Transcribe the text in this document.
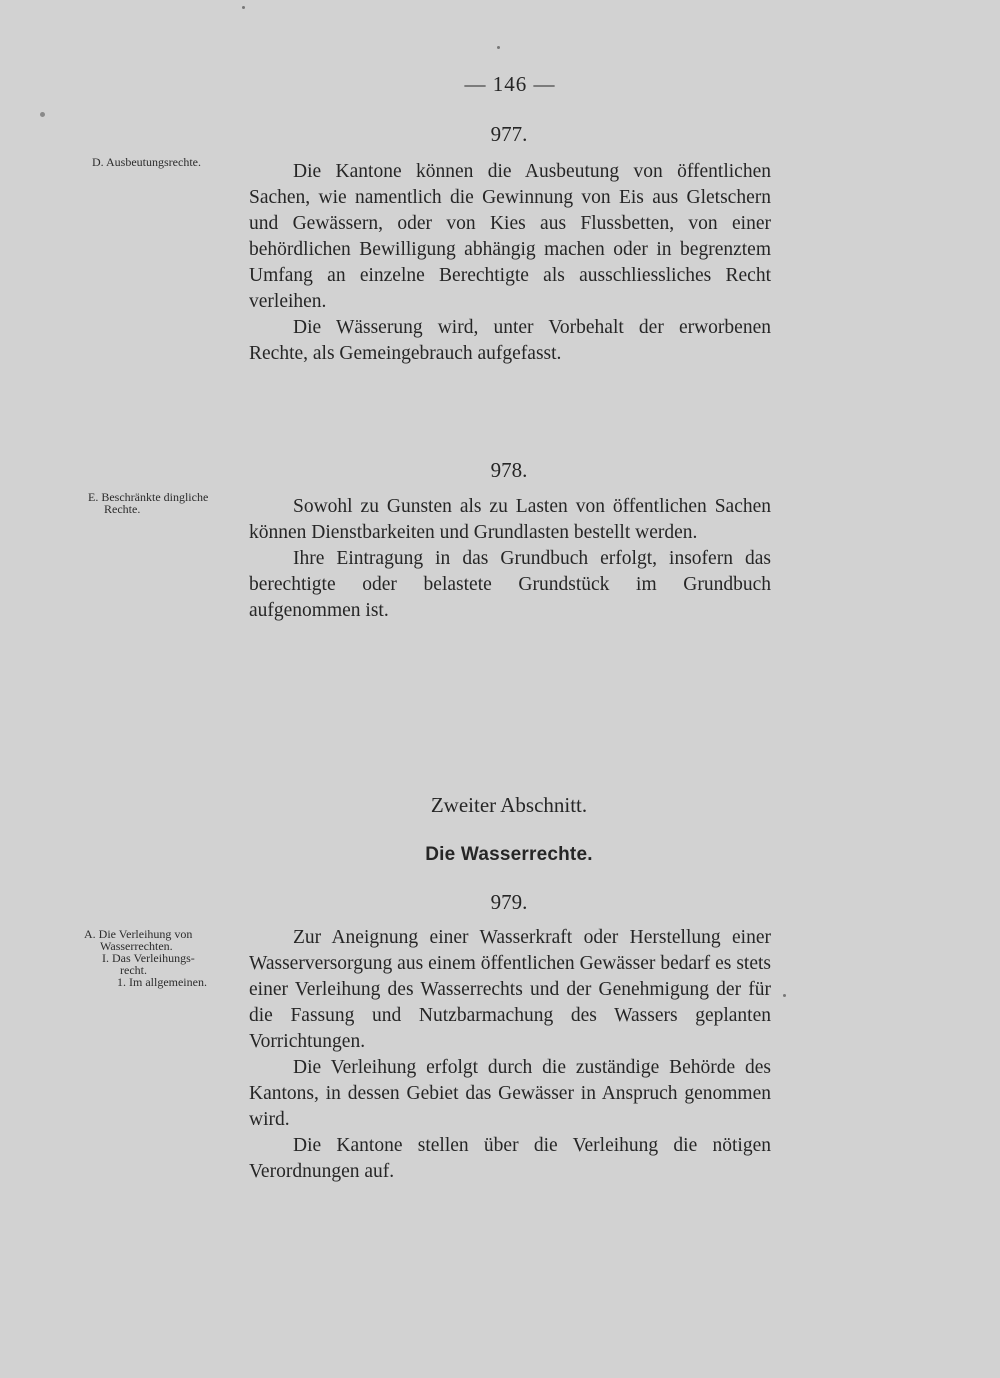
— 146 —
977.
D. Ausbeutungsrechte.	Die Kantone können die Ausbeutung von öffentlichen Sachen, wie namentlich die Gewinnung von Eis aus Gletschern und Gewässern, oder von Kies aus Flussbetten, von einer behördlichen Bewilligung abhängig machen oder in begrenztem Umfang an einzelne Berechtigte als ausschliessliches Recht verleihen.

Die Wässerung wird, unter Vorbehalt der erworbenen Rechte, als Gemeingebrauch aufgefasst.

978.
E. Beschränkte dingliche
Rechte.	Sowohl zu Gunsten als zu Lasten von öffentlichen Sachen können Dienstbarkeiten und Grundlasten bestellt werden.

Ihre Eintragung in das Grundbuch erfolgt, insofern das berechtigte oder belastete Grundstück im Grundbuch aufgenommen ist.

Zweiter Abschnitt.
Die Wasserrechte.
979.
A. Die Verleihung von
Wasserrechten.
I. Das Verleihungs-
recht.
1. Im allgemeinen.

Zur Aneignung einer Wasserkraft oder Herstellung einer Wasserversorgung aus einem öffentlichen Gewässer bedarf es stets einer Verleihung des Wasserrechts und der Genehmigung der für die Fassung und Nutzbarmachung des Wassers geplanten Vorrichtungen.

Die Verleihung erfolgt durch die zuständige Behörde des Kantons, in dessen Gebiet das Gewässer in Anspruch genommen wird.

Die Kantone stellen über die Verleihung die nötigen Verordnungen auf.
